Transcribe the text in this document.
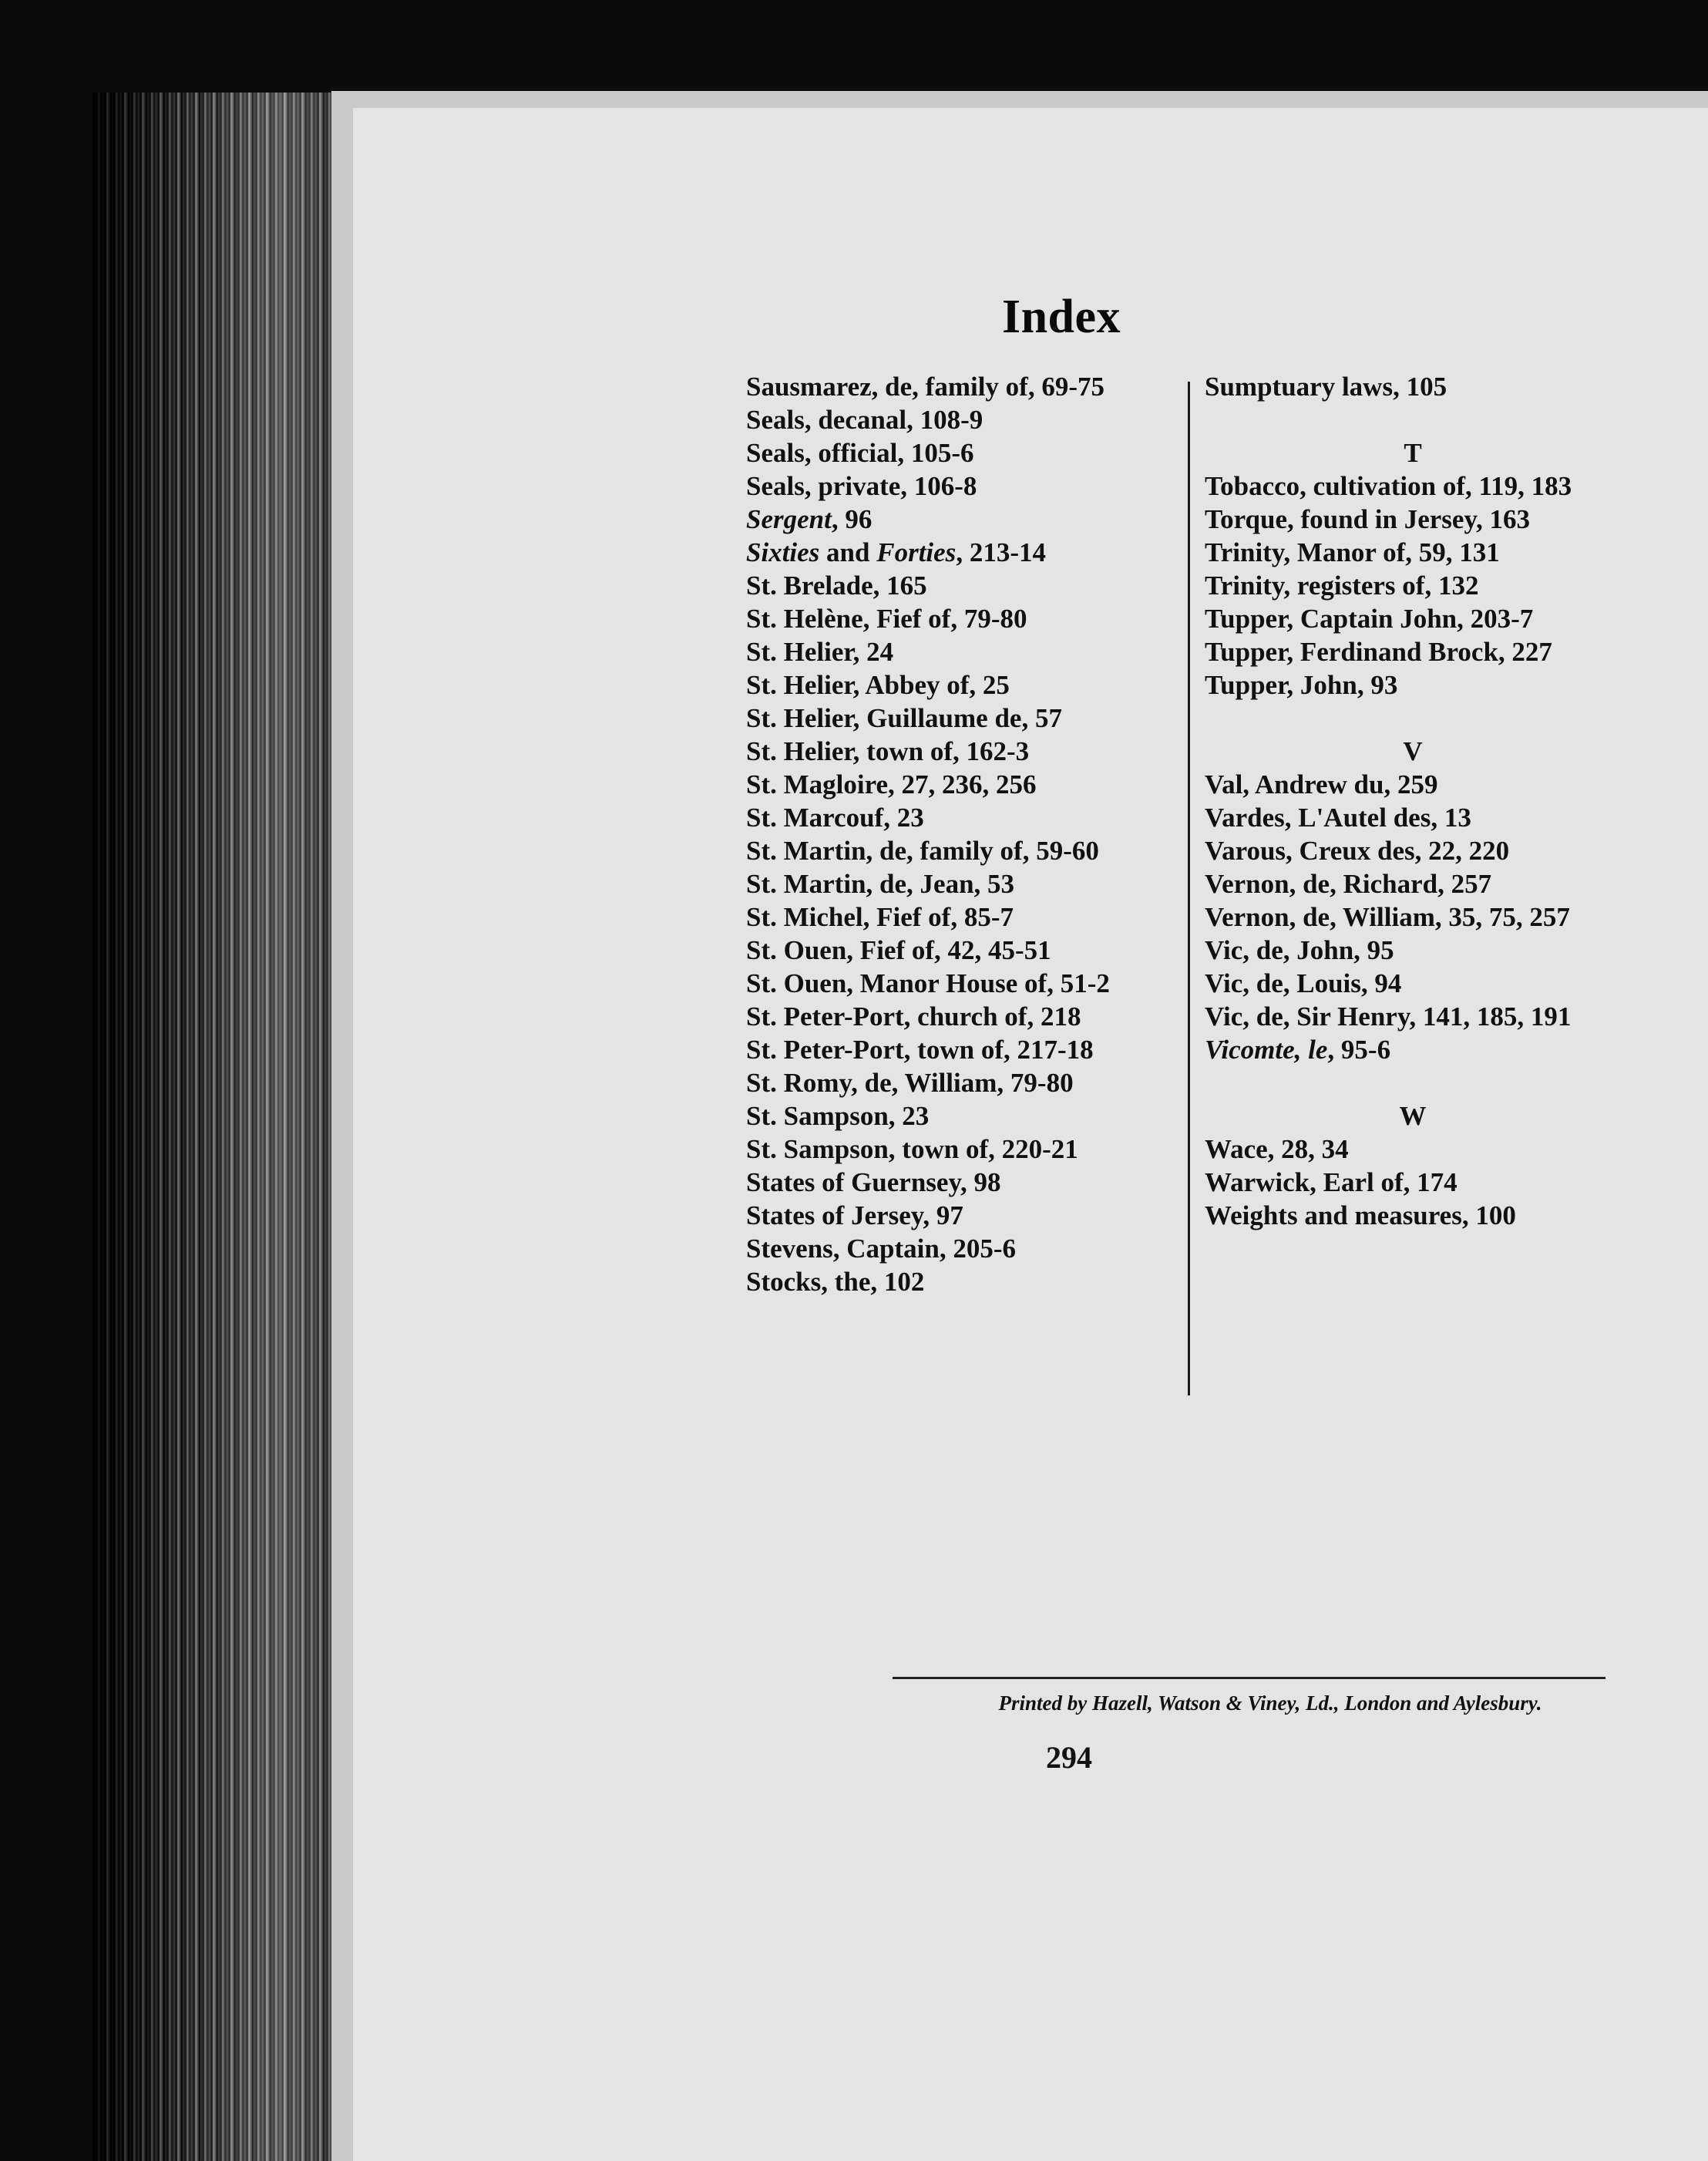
Index
Sausmarez, de, family of, 69-75
Seals, decanal, 108-9
Seals, official, 105-6
Seals, private, 106-8
Sergent, 96
Sixties and Forties, 213-14
St. Brelade, 165
St. Helène, Fief of, 79-80
St. Helier, 24
St. Helier, Abbey of, 25
St. Helier, Guillaume de, 57
St. Helier, town of, 162-3
St. Magloire, 27, 236, 256
St. Marcouf, 23
St. Martin, de, family of, 59-60
St. Martin, de, Jean, 53
St. Michel, Fief of, 85-7
St. Ouen, Fief of, 42, 45-51
St. Ouen, Manor House of, 51-2
St. Peter-Port, church of, 218
St. Peter-Port, town of, 217-18
St. Romy, de, William, 79-80
St. Sampson, 23
St. Sampson, town of, 220-21
States of Guernsey, 98
States of Jersey, 97
Stevens, Captain, 205-6
Stocks, the, 102
Sumptuary laws, 105
T
Tobacco, cultivation of, 119, 183
Torque, found in Jersey, 163
Trinity, Manor of, 59, 131
Trinity, registers of, 132
Tupper, Captain John, 203-7
Tupper, Ferdinand Brock, 227
Tupper, John, 93
V
Val, Andrew du, 259
Vardes, L'Autel des, 13
Varous, Creux des, 22, 220
Vernon, de, Richard, 257
Vernon, de, William, 35, 75, 257
Vic, de, John, 95
Vic, de, Louis, 94
Vic, de, Sir Henry, 141, 185, 191
Vicomte, le, 95-6
W
Wace, 28, 34
Warwick, Earl of, 174
Weights and measures, 100
Printed by Hazell, Watson & Viney, Ld., London and Aylesbury.
294
